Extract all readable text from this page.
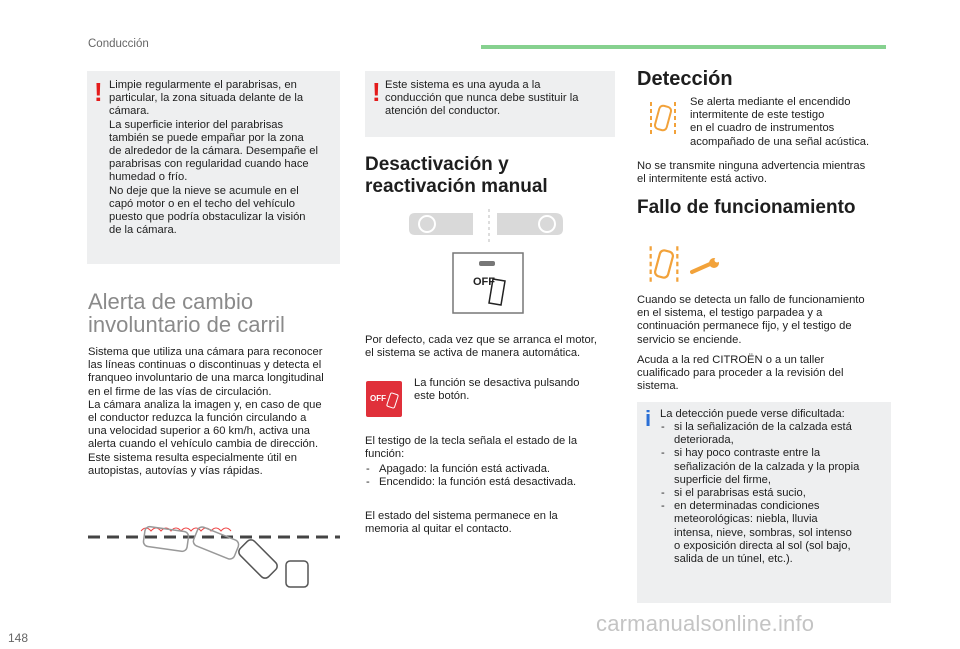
Conducción
! Limpie regularmente el parabrisas, en
particular, la zona situada delante de la
cámara.
La superficie interior del parabrisas
también se puede empañar por la zona
de alrededor de la cámara. Desempañe el
parabrisas con regularidad cuando hace
humedad o frío.
No deje que la nieve se acumule en el
capó motor o en el techo del vehículo
puesto que podría obstaculizar la visión
de la cámara.
Alerta de cambio
involuntario de carril
Sistema que utiliza una cámara para reconocer
las líneas continuas o discontinuas y detecta el
franqueo involuntario de una marca longitudinal
en el firme de las vías de circulación.
La cámara analiza la imagen y, en caso de que
el conductor reduzca la función circulando a
una velocidad superior a 60 km/h, activa una
alerta cuando el vehículo cambia de dirección.
Este sistema resulta especialmente útil en
autopistas, autovías y vías rápidas.
! Este sistema es una ayuda a la
conducción que nunca debe sustituir la
atención del conductor.
Desactivación y
reactivación manual
OFF
Por defecto, cada vez que se arranca el motor,
el sistema se activa de manera automática.
OFF
La función se desactiva pulsando
este botón.
El testigo de la tecla señala el estado de la
función:
- Apagado: la función está activada.
- Encendido: la función está desactivada.
El estado del sistema permanece en la
memoria al quitar el contacto.
Detección
Se alerta mediante el encendido
intermitente de este testigo
en el cuadro de instrumentos
acompañado de una señal acústica.
No se transmite ninguna advertencia mientras
el intermitente está activo.
Fallo de funcionamiento
Cuando se detecta un fallo de funcionamiento
en el sistema, el testigo parpadea y a
continuación permanece fijo, y el testigo de
servicio se enciende.
Acuda a la red CITROËN o a un taller
cualificado para proceder a la revisión del
sistema.
i La detección puede verse dificultada:
- si la señalización de la calzada está
deteriorada,
- si hay poco contraste entre la
señalización de la calzada y la propia
superficie del firme,
- si el parabrisas está sucio,
- en determinadas condiciones
meteorológicas: niebla, lluvia
intensa, nieve, sombras, sol intenso
o exposición directa al sol (sol bajo,
salida de un túnel, etc.).
148
carmanualsonline.info
